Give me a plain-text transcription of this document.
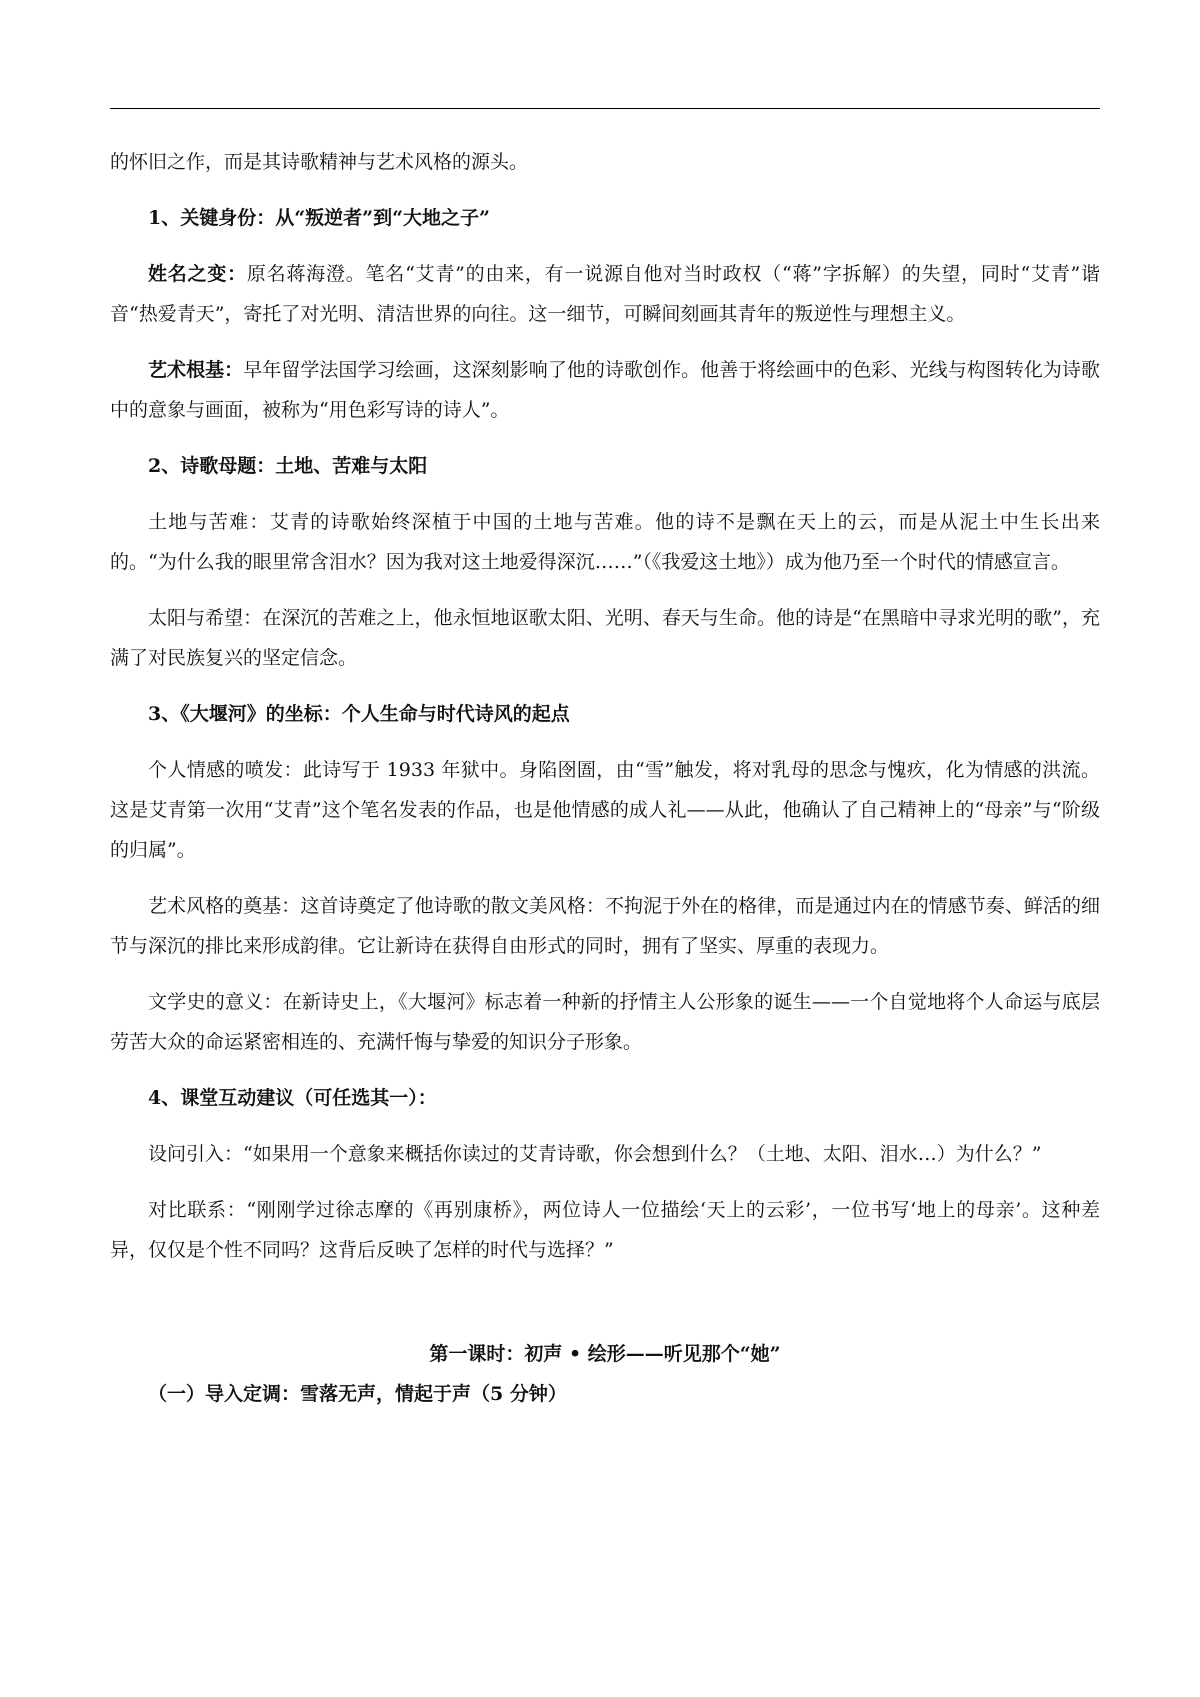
的怀旧之作，而是其诗歌精神与艺术风格的源头。

1、关键身份：从“叛逆者”到“大地之子”

姓名之变：原名蒋海澄。笔名“艾青”的由来，有一说源自他对当时政权（“蒋”字拆解）的失望，同时“艾青”谐音“热爱青天”，寄托了对光明、清洁世界的向往。这一细节，可瞬间刻画其青年的叛逆性与理想主义。

艺术根基：早年留学法国学习绘画，这深刻影响了他的诗歌创作。他善于将绘画中的色彩、光线与构图转化为诗歌中的意象与画面，被称为“用色彩写诗的诗人”。

2、诗歌母题：土地、苦难与太阳

土地与苦难：艾青的诗歌始终深植于中国的土地与苦难。他的诗不是飘在天上的云，而是从泥土中生长出来的。“为什么我的眼里常含泪水？因为我对这土地爱得深沉……”（《我爱这土地》）成为他乃至一个时代的情感宣言。

太阳与希望：在深沉的苦难之上，他永恒地讴歌太阳、光明、春天与生命。他的诗是“在黑暗中寻求光明的歌”，充满了对民族复兴的坚定信念。

3、《大堰河》的坐标：个人生命与时代诗风的起点

个人情感的喷发：此诗写于 1933 年狱中。身陷囹圄，由“雪”触发，将对乳母的思念与愧疚，化为情感的洪流。这是艾青第一次用“艾青”这个笔名发表的作品，也是他情感的成人礼——从此，他确认了自己精神上的“母亲”与“阶级的归属”。

艺术风格的奠基：这首诗奠定了他诗歌的散文美风格：不拘泥于外在的格律，而是通过内在的情感节奏、鲜活的细节与深沉的排比来形成韵律。它让新诗在获得自由形式的同时，拥有了坚实、厚重的表现力。

文学史的意义：在新诗史上，《大堰河》标志着一种新的抒情主人公形象的诞生——一个自觉地将个人命运与底层劳苦大众的命运紧密相连的、充满忏悔与挚爱的知识分子形象。

4、课堂互动建议（可任选其一）：

设问引入：“如果用一个意象来概括你读过的艾青诗歌，你会想到什么？（土地、太阳、泪水…）为什么？”

对比联系：“刚刚学过徐志摩的《再别康桥》，两位诗人一位描绘‘天上的云彩’，一位书写‘地上的母亲’。这种差异，仅仅是个性不同吗？这背后反映了怎样的时代与选择？”

第一课时：初声 • 绘形——听见那个“她”

（一）导入定调：雪落无声，情起于声（5 分钟）
